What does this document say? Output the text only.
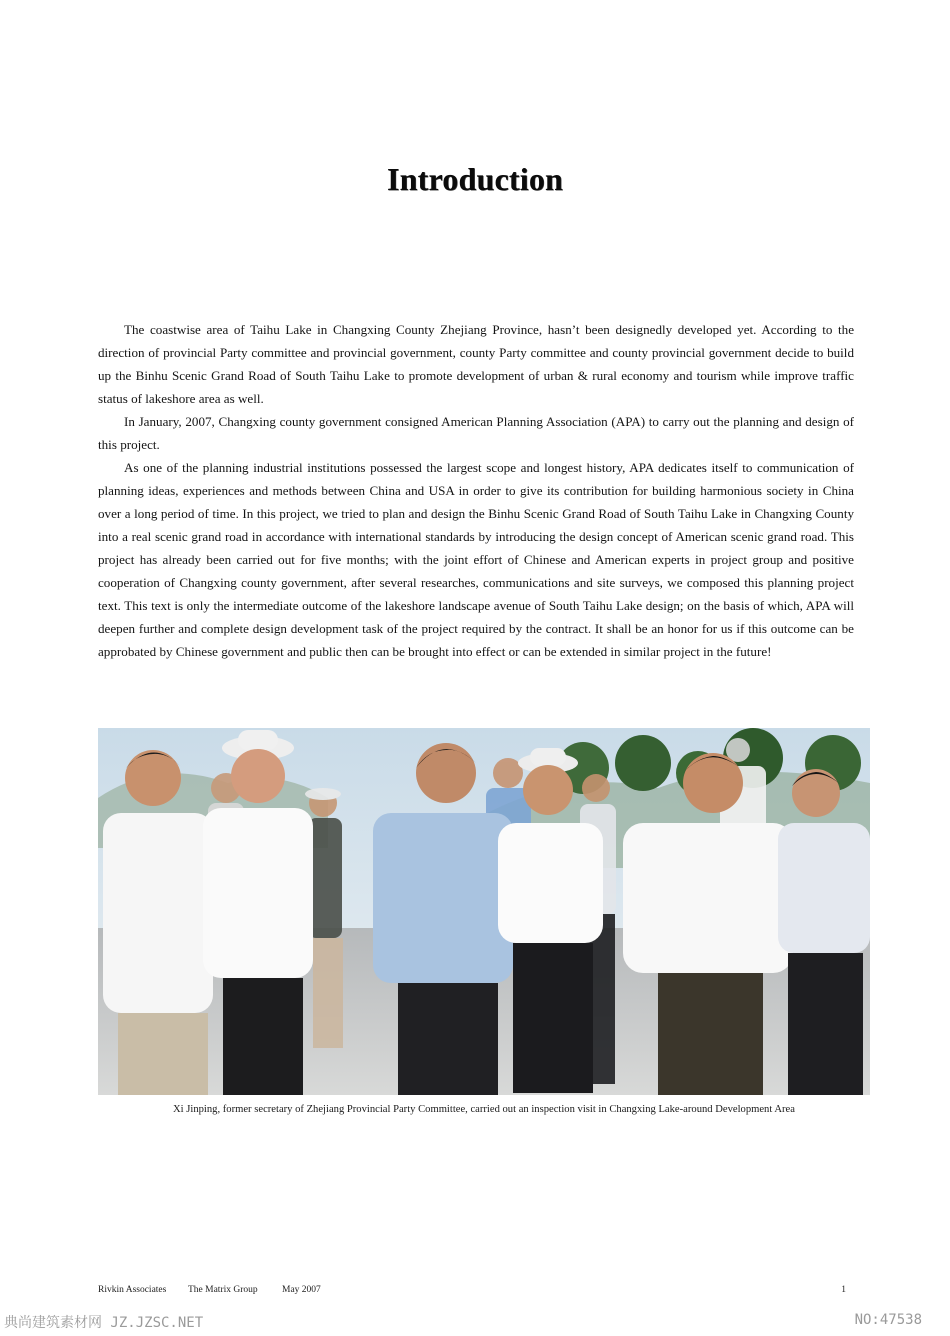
Introduction

The coastwise area of Taihu Lake in Changxing County Zhejiang Province, hasn’t been designedly developed yet. According to the direction of provincial Party committee and provincial government, county Party committee and county provincial government decide to build up the Binhu Scenic Grand Road of South Taihu Lake to promote development of urban & rural economy and tourism while improve traffic status of lakeshore area as well.

In January, 2007, Changxing county government consigned American Planning Association (APA) to carry out the planning and design of this project.

As one of the planning industrial institutions possessed the largest scope and longest history, APA dedicates itself to communication of planning ideas, experiences and methods between China and USA in order to give its contribution for building harmonious society in China over a long period of time. In this project, we tried to plan and design the Binhu Scenic Grand Road of South Taihu Lake in Changxing County into a real scenic grand road in accordance with international standards by introducing the design concept of American scenic grand road. This project has already been carried out for five months; with the joint effort of Chinese and American experts in project group and positive cooperation of Changxing county government, after several researches, communications and site surveys, we composed this planning project text. This text is only the intermediate outcome of the lakeshore landscape avenue of South Taihu Lake design; on the basis of which, APA will deepen further and complete design development task of the project required by the contract. It shall be an honor for us if this outcome can be approbated by Chinese government and public then can be brought into effect or can be extended in similar project in the future!

Xi Jinping, former secretary of Zhejiang Provincial Party Committee, carried out an inspection visit in Changxing Lake-around Development Area
Rivkin Associates The Matrix Group	May 2007	1
典尚建筑素材网 JZ.JZSC.NET	NO:47538
